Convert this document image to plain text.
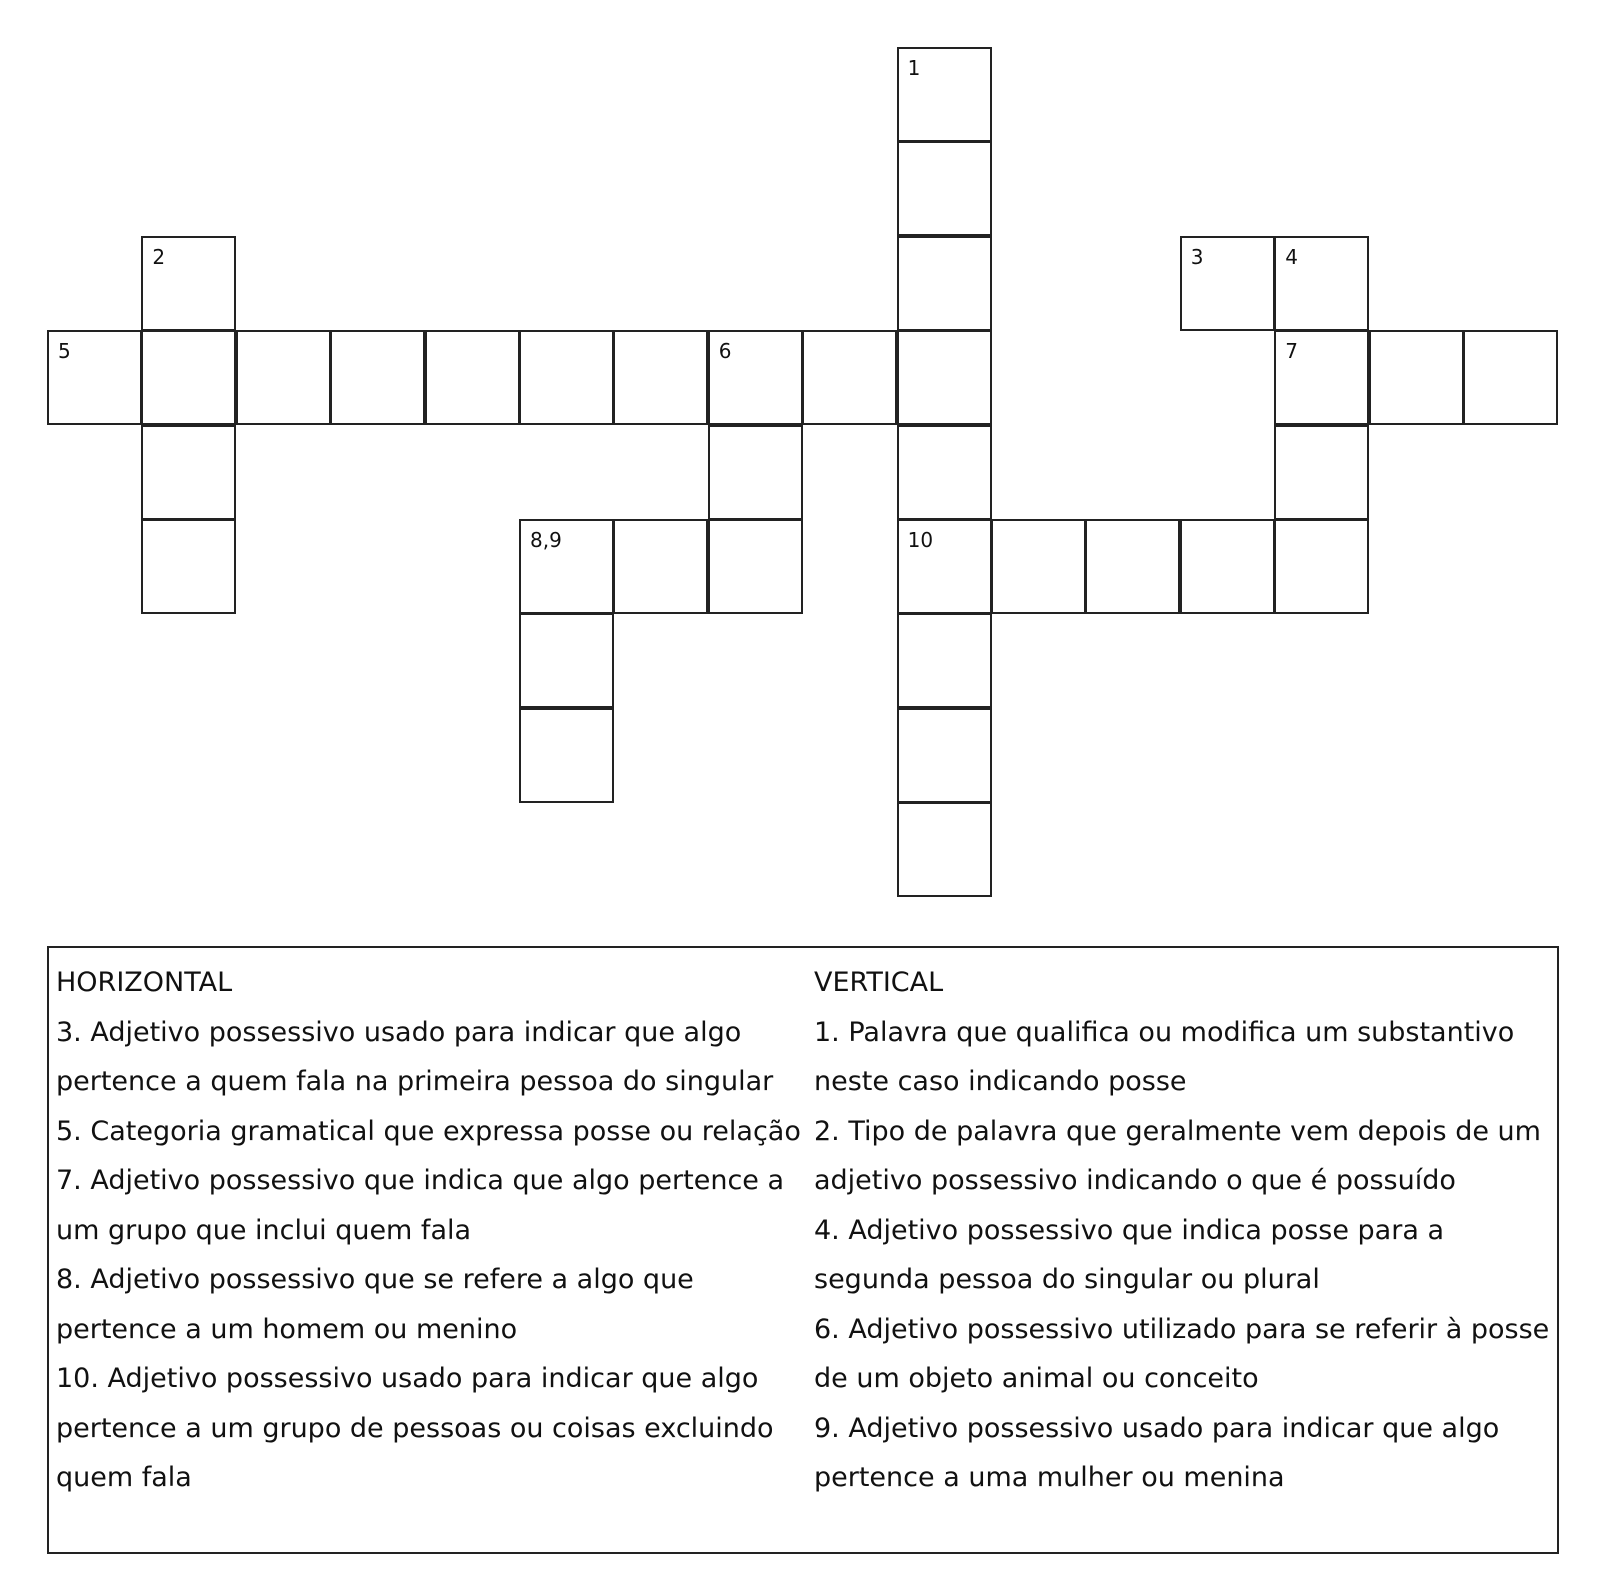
1
10
2	3	4
5	6	7
8,9
HORIZONTAL
3. Adjetivo possessivo usado para indicar que algo
pertence a quem fala na primeira pessoa do singular
5. Categoria gramatical que expressa posse ou relação
7. Adjetivo possessivo que indica que algo pertence a
um grupo que inclui quem fala
8. Adjetivo possessivo que se refere a algo que
pertence a um homem ou menino
10. Adjetivo possessivo usado para indicar que algo
pertence a um grupo de pessoas ou coisas excluindo
quem fala
VERTICAL
1. Palavra que qualifica ou modifica um substantivo
neste caso indicando posse
2. Tipo de palavra que geralmente vem depois de um
adjetivo possessivo indicando o que é possuído
4. Adjetivo possessivo que indica posse para a
segunda pessoa do singular ou plural
6. Adjetivo possessivo utilizado para se referir à posse
de um objeto animal ou conceito
9. Adjetivo possessivo usado para indicar que algo
pertence a uma mulher ou menina
